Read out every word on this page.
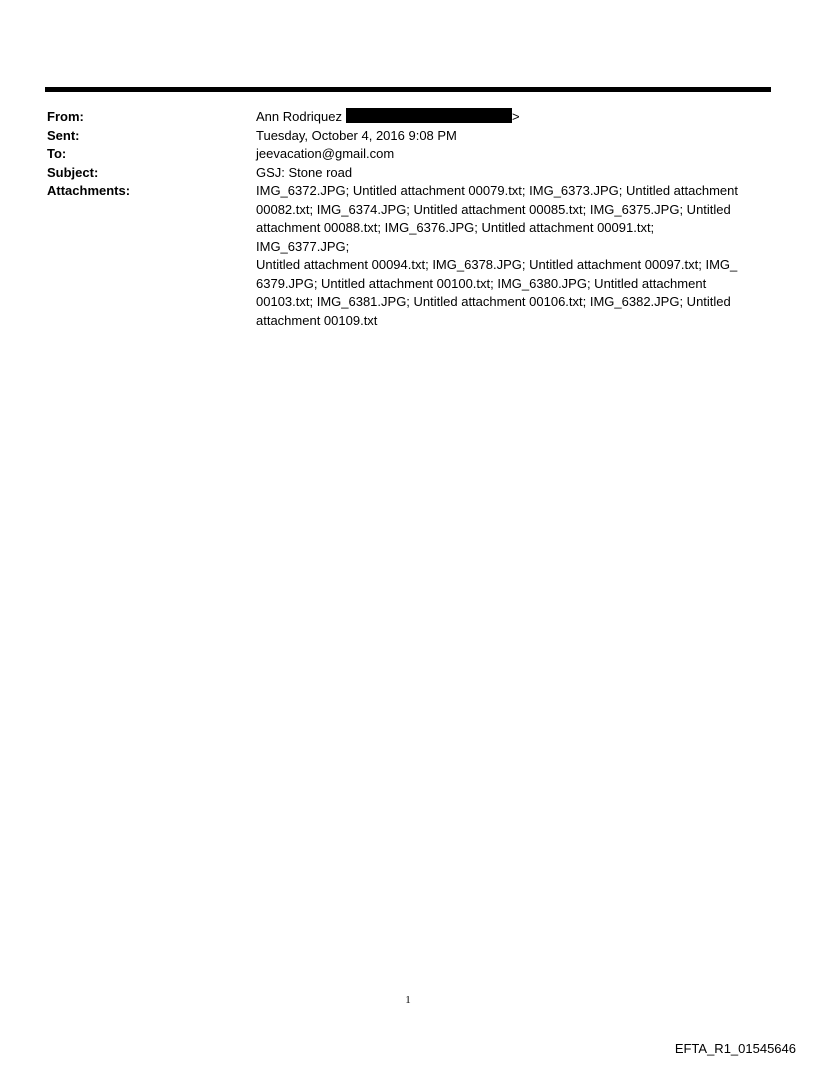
From:	Ann Rodriquez	>
Sent:	Tuesday, October 4, 2016 9:08 PM
To:	jeevacation@gmail.com
Subject:	GSJ: Stone road
Attachments:	IMG_6372.JPG; Untitled attachment 00079.txt; IMG_6373.JPG; Untitled attachment
00082.txt; IMG_6374.JPG; Untitled attachment 00085.txt; IMG_6375.JPG; Untitled
attachment 00088.txt; IMG_6376.JPG; Untitled attachment 00091.txt; IMG_6377.JPG;
Untitled attachment 00094.txt; IMG_6378.JPG; Untitled attachment 00097.txt; IMG_
6379.JPG; Untitled attachment 00100.txt; IMG_6380.JPG; Untitled attachment
00103.txt; IMG_6381.JPG; Untitled attachment 00106.txt; IMG_6382.JPG; Untitled
attachment 00109.txt
1
EFTA_R1_01545646
